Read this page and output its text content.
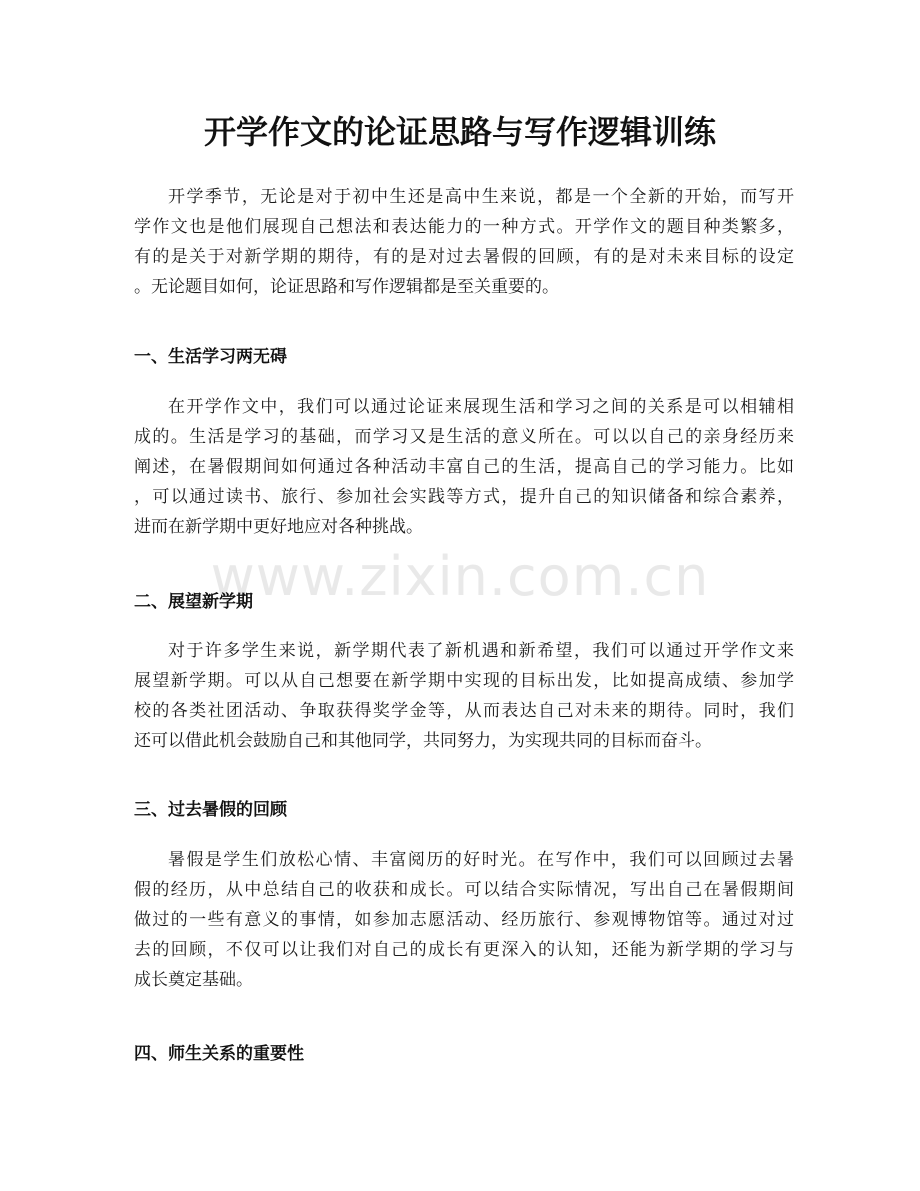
开学作文的论证思路与写作逻辑训练
开学季节，无论是对于初中生还是高中生来说，都是一个全新的开始，而写开
学作文也是他们展现自己想法和表达能力的一种方式。开学作文的题目种类繁多，
有的是关于对新学期的期待，有的是对过去暑假的回顾，有的是对未来目标的设定
。无论题目如何，论证思路和写作逻辑都是至关重要的。
一、生活学习两无碍
在开学作文中，我们可以通过论证来展现生活和学习之间的关系是可以相辅相
成的。生活是学习的基础，而学习又是生活的意义所在。可以以自己的亲身经历来
阐述，在暑假期间如何通过各种活动丰富自己的生活，提高自己的学习能力。比如
，可以通过读书、旅行、参加社会实践等方式，提升自己的知识储备和综合素养，
进而在新学期中更好地应对各种挑战。
www.zixin.com.cn
二、展望新学期
对于许多学生来说，新学期代表了新机遇和新希望，我们可以通过开学作文来
展望新学期。可以从自己想要在新学期中实现的目标出发，比如提高成绩、参加学
校的各类社团活动、争取获得奖学金等，从而表达自己对未来的期待。同时，我们
还可以借此机会鼓励自己和其他同学，共同努力，为实现共同的目标而奋斗。
三、过去暑假的回顾
暑假是学生们放松心情、丰富阅历的好时光。在写作中，我们可以回顾过去暑
假的经历，从中总结自己的收获和成长。可以结合实际情况，写出自己在暑假期间
做过的一些有意义的事情，如参加志愿活动、经历旅行、参观博物馆等。通过对过
去的回顾，不仅可以让我们对自己的成长有更深入的认知，还能为新学期的学习与
成长奠定基础。
四、师生关系的重要性
